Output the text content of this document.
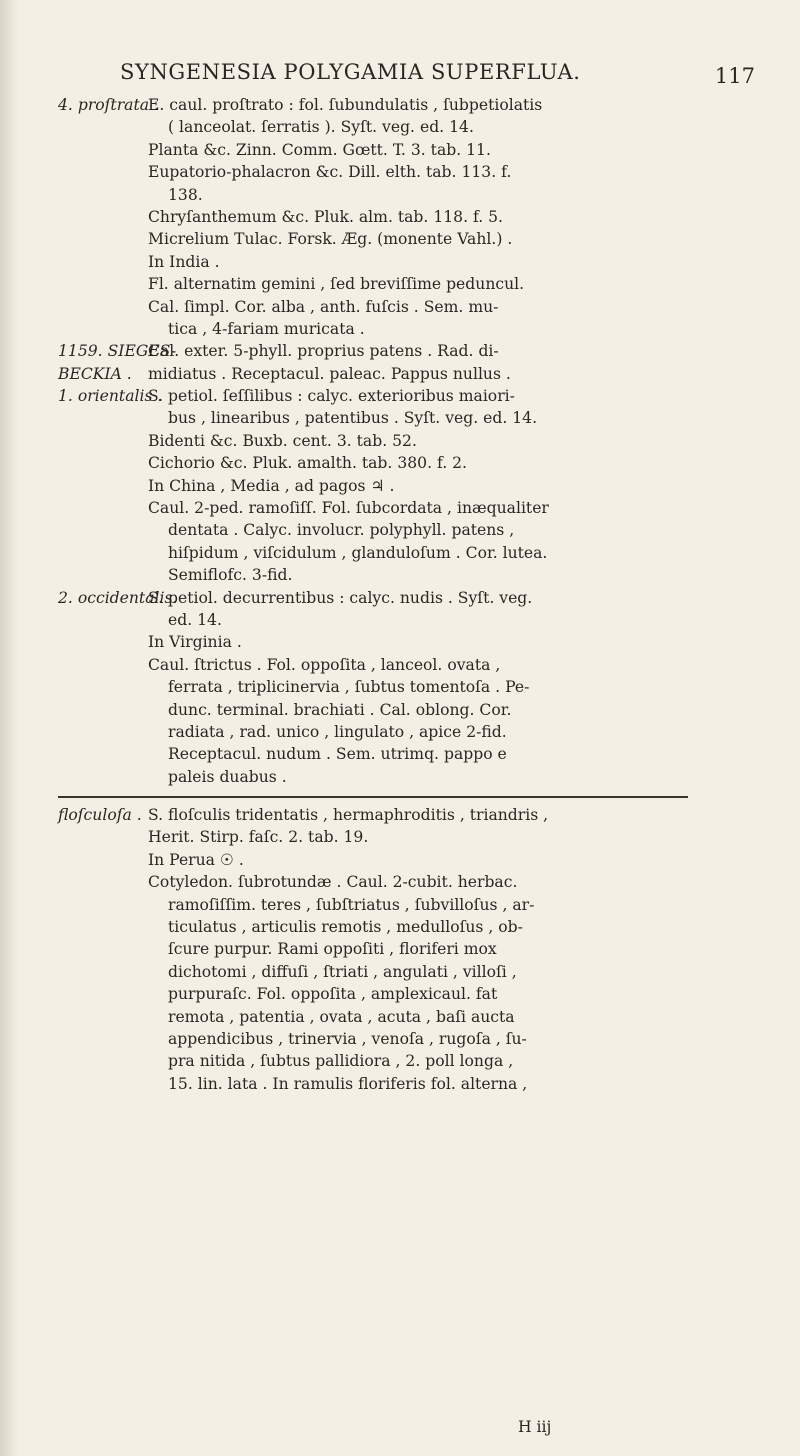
SYNGENESIA POLYGAMIA SUPERFLUA.	117
4. proſtrata .
E. caul. proſtrato : fol. ſubundulatis , ſubpetiolatis
( lanceolat. ſerratis ). Syſt. veg. ed. 14.
Planta &c. Zinn. Comm. Gœtt. T. 3. tab. 11.
Eupatorio-phalacron &c. Dill. elth. tab. 113. f.
138.
Chryſanthemum &c. Pluk. alm. tab. 118. f. 5.
Micrelium Tulac. Forsk. Æg. (monente Vahl.) .
In India .
Fl. alternatim gemini , ſed breviſſime peduncul.
Cal. ſimpl. Cor. alba , anth. fuſcis . Sem. mu-
tica , 4-fariam muricata .
1159. SIEGES-
Cal. exter. 5-phyll. proprius patens . Rad. di-
BECKIA . midiatus . Receptacul. paleac. Pappus nullus .
1. orientalis .
S. petiol. ſeſſilibus : calyc. exterioribus maiori-
bus , linearibus , patentibus . Syſt. veg. ed. 14.
Bidenti &c. Buxb. cent. 3. tab. 52.
Cichorio &c. Pluk. amalth. tab. 380. f. 2.
In China , Media , ad pagos ♃ .
Caul. 2-ped. ramoſiſſ. Fol. ſubcordata , inæqualiter
dentata . Calyc. involucr. polyphyll. patens ,
hiſpidum , viſcidulum , glanduloſum . Cor. lutea.
Semiflofc. 3-fid.
2. occidentalis.
S. petiol. decurrentibus : calyc. nudis . Syſt. veg.
ed. 14.
In Virginia .
Caul. ſtrictus . Fol. oppoſita , lanceol. ovata ,
ferrata , triplicinervia , ſubtus tomentoſa . Pe-
dunc. terminal. brachiati . Cal. oblong. Cor.
radiata , rad. unico , lingulato , apice 2-fid.
Receptacul. nudum . Sem. utrimq. pappo e
paleis duabus .
floſculoſa . S. floſculis tridentatis , hermaphroditis , triandris ,
Herit. Stirp. faſc. 2. tab. 19.
In Perua ☉ .
Cotyledon. ſubrotundæ . Caul. 2-cubit. herbac.
ramoſiſſim. teres , ſubſtriatus , ſubvilloſus , ar-
ticulatus , articulis remotis , medulloſus , ob-
ſcure purpur. Rami oppoſiti , floriferi mox
dichotomi , diffuſi , ſtriati , angulati , villoſi ,
purpuraſc. Fol. oppoſita , amplexicaul. fat
remota , patentia , ovata , acuta , baſi aucta
appendicibus , trinervia , venoſa , rugoſa , ſu-
pra nitida , ſubtus pallidiora , 2. poll longa ,
15. lin. lata . In ramulis floriferis fol. alterna ,
H iij
